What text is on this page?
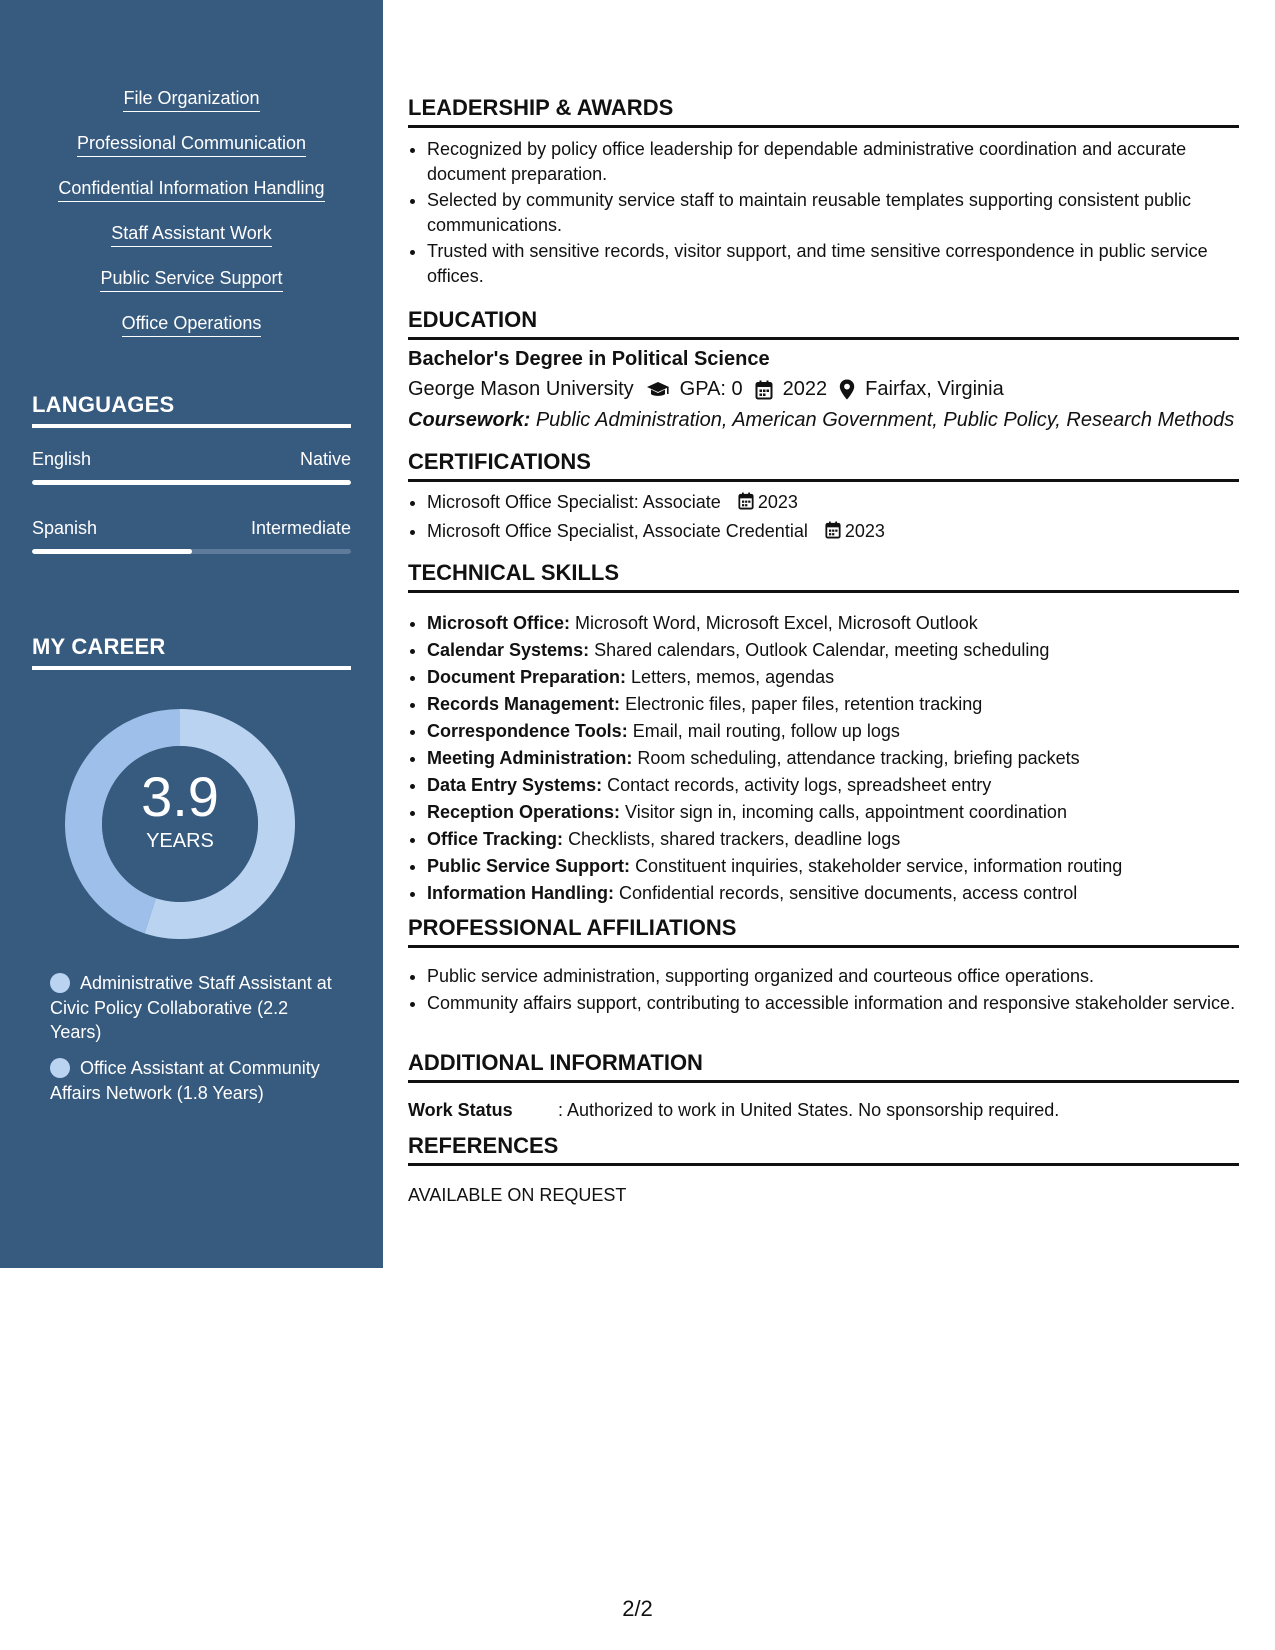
File Organization
Professional Communication
Confidential Information Handling
Staff Assistant Work
Public Service Support
Office Operations
LANGUAGES
English	Native
Spanish	Intermediate
MY CAREER
3.9
YEARS
Administrative Staff Assistant at Civic Policy Collaborative (2.2 Years)
Office Assistant at Community Affairs Network (1.8 Years)
LEADERSHIP & AWARDS
• Recognized by policy office leadership for dependable administrative coordination and accurate document preparation.
• Selected by community service staff to maintain reusable templates supporting consistent public communications.
• Trusted with sensitive records, visitor support, and time sensitive correspondence in public service offices.
EDUCATION
Bachelor's Degree in Political Science
George Mason University GPA: 0 2022 Fairfax, Virginia
Coursework: Public Administration, American Government, Public Policy, Research Methods
CERTIFICATIONS
• Microsoft Office Specialist: Associate 2023
• Microsoft Office Specialist, Associate Credential 2023
TECHNICAL SKILLS
• Microsoft Office: Microsoft Word, Microsoft Excel, Microsoft Outlook
• Calendar Systems: Shared calendars, Outlook Calendar, meeting scheduling
• Document Preparation: Letters, memos, agendas
• Records Management: Electronic files, paper files, retention tracking
• Correspondence Tools: Email, mail routing, follow up logs
• Meeting Administration: Room scheduling, attendance tracking, briefing packets
• Data Entry Systems: Contact records, activity logs, spreadsheet entry
• Reception Operations: Visitor sign in, incoming calls, appointment coordination
• Office Tracking: Checklists, shared trackers, deadline logs
• Public Service Support: Constituent inquiries, stakeholder service, information routing
• Information Handling: Confidential records, sensitive documents, access control
PROFESSIONAL AFFILIATIONS
• Public service administration, supporting organized and courteous office operations.
• Community affairs support, contributing to accessible information and responsive stakeholder service.
ADDITIONAL INFORMATION
Work Status	: Authorized to work in United States. No sponsorship required.
REFERENCES
AVAILABLE ON REQUEST
2/2
